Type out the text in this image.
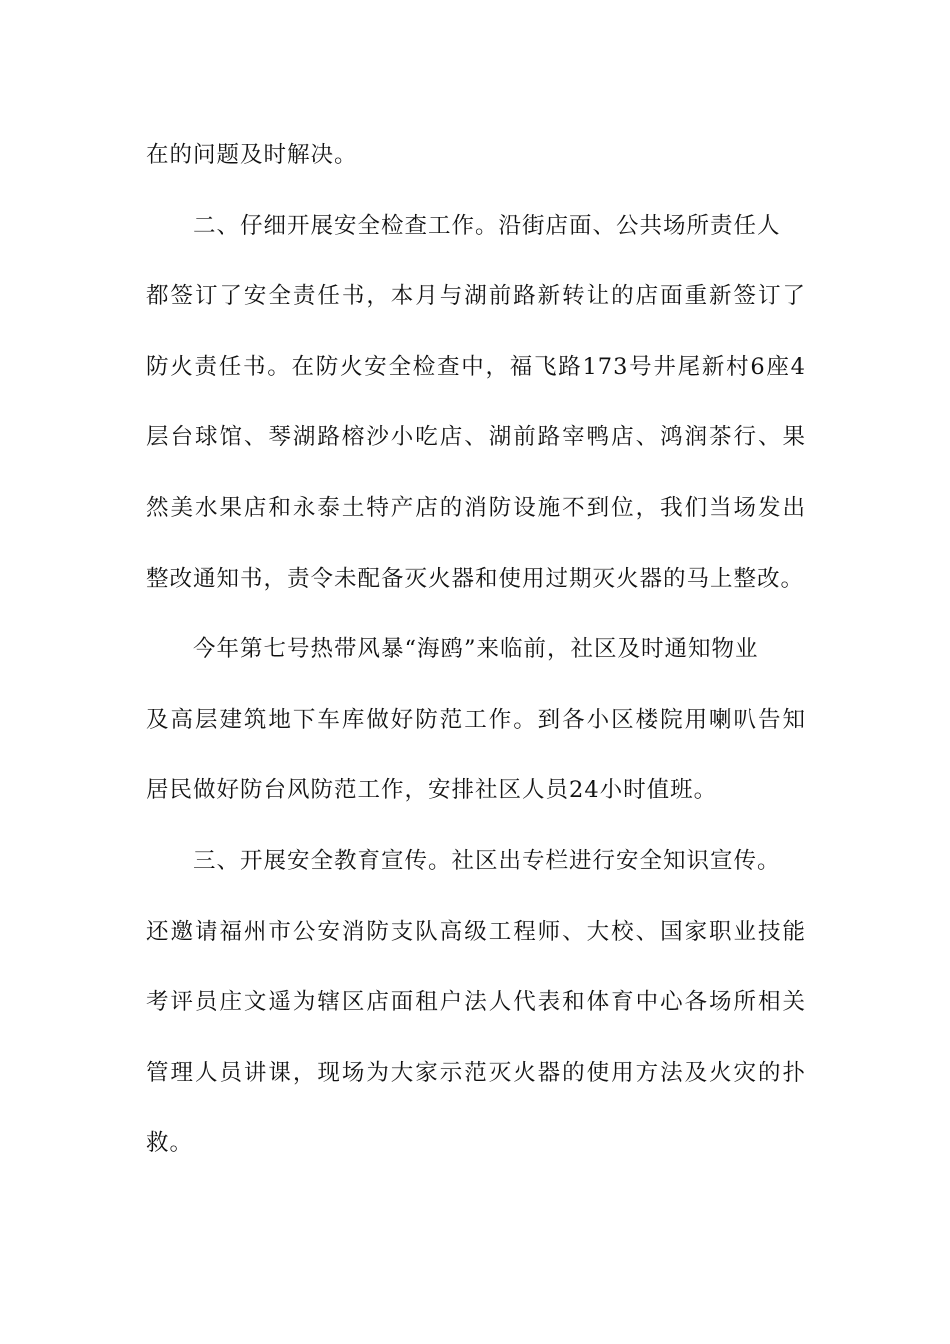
在的问题及时解决。
二、仔细开展安全检查工作。沿街店面、公共场所责任人
都签订了安全责任书，本月与湖前路新转让的店面重新签订了
防火责任书。在防火安全检查中，福飞路173号井尾新村6座4
层台球馆、琴湖路榕沙小吃店、湖前路宰鸭店、鸿润茶行、果
然美水果店和永泰土特产店的消防设施不到位，我们当场发出
整改通知书，责令未配备灭火器和使用过期灭火器的马上整改。
今年第七号热带风暴“海鸥”来临前，社区及时通知物业
及高层建筑地下车库做好防范工作。到各小区楼院用喇叭告知
居民做好防台风防范工作，安排社区人员24小时值班。
三、开展安全教育宣传。社区出专栏进行安全知识宣传。
还邀请福州市公安消防支队高级工程师、大校、国家职业技能
考评员庄文遥为辖区店面租户法人代表和体育中心各场所相关
管理人员讲课，现场为大家示范灭火器的使用方法及火灾的扑
救。
